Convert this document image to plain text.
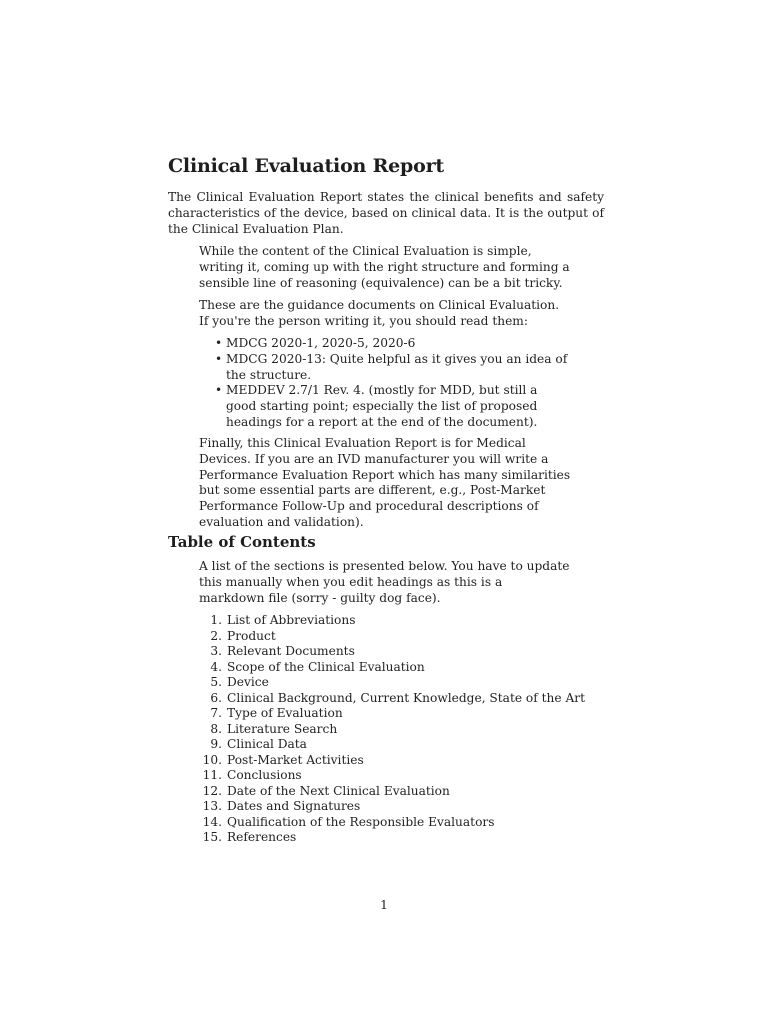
Clinical Evaluation Report

The Clinical Evaluation Report states the clinical benefits and safety characteristics of the device, based on clinical data. It is the output of the Clinical Evaluation Plan.

While the content of the Clinical Evaluation is simple, writing it, coming up with the right structure and forming a sensible line of reasoning (equivalence) can be a bit tricky.

These are the guidance documents on Clinical Evaluation. If you're the person writing it, you should read them:

• MDCG 2020-1, 2020-5, 2020-6
• MDCG 2020-13: Quite helpful as it gives you an idea of the structure.
• MEDDEV 2.7/1 Rev. 4. (mostly for MDD, but still a good starting point; especially the list of proposed headings for a report at the end of the document).

Finally, this Clinical Evaluation Report is for Medical Devices. If you are an IVD manufacturer you will write a Performance Evaluation Report which has many similarities but some essential parts are different, e.g., Post-Market Performance Follow-Up and procedural descriptions of evaluation and validation).

Table of Contents

A list of the sections is presented below. You have to update this manually when you edit headings as this is a markdown file (sorry - guilty dog face).

1. List of Abbreviations
2. Product
3. Relevant Documents
4. Scope of the Clinical Evaluation
5. Device
6. Clinical Background, Current Knowledge, State of the Art
7. Type of Evaluation
8. Literature Search
9. Clinical Data
10. Post-Market Activities
11. Conclusions
12. Date of the Next Clinical Evaluation
13. Dates and Signatures
14. Qualification of the Responsible Evaluators
15. References

1
